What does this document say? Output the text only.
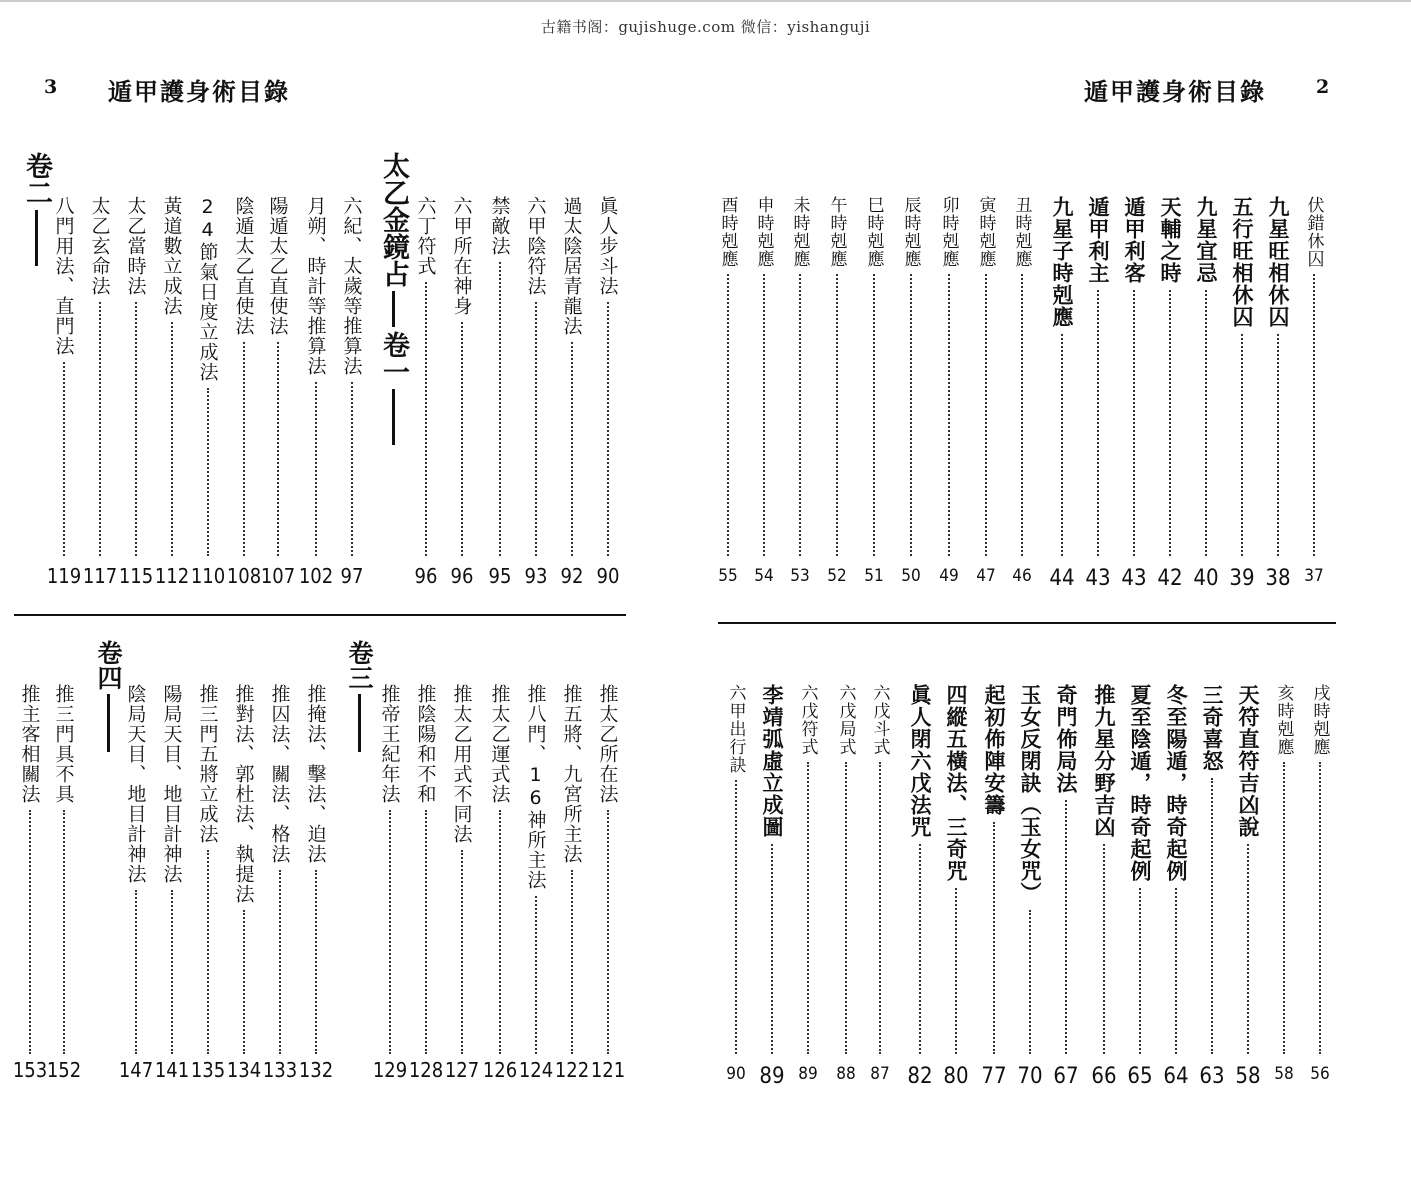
古籍书阁：gujishuge.com 微信：yishanguji
3 遁甲護身術目錄	遁甲護身術目錄	2
太乙金鏡占
卷一
卷二
卷三
卷四
伏錯休囚
37
九星旺相休囚
38
五行旺相休囚
39
九星宜忌
40
天輔之時
42
遁甲利客
43
遁甲利主
43
九星子時剋應
44
丑時剋應
46
寅時剋應
47
卯時剋應
49
辰時剋應
50
巳時剋應
51
午時剋應
52
未時剋應
53
申時剋應
54
酉時剋應
55
戌時剋應
56
亥時剋應
58
天符直符吉凶說
58
三奇喜怒
63
冬至陽遁，時奇起例
64
夏至陰遁，時奇起例
65
推九星分野吉凶
66
奇門佈局法
67
玉女反閉訣（玉女咒）
70
起初佈陣安籌
77
四縱五橫法、三奇咒
80
眞人閉六戊法咒
82
六戊斗式
87
六戊局式
88
六戊符式
89
李靖弧虛立成圖
89
六甲出行訣
90
眞人步斗法
90
過太陰居青龍法
92
六甲陰符法
93
禁敵法
95
六甲所在神身
96
六丁符式
96
六紀、太歲等推算法
97
月朔、時計等推算法
102
陽遁太乙直使法
107
陰遁太乙直使法
108
24節氣日度立成法
110
黃道數立成法
112
太乙當時法
115
太乙玄命法
117
八門用法、直門法
119
推太乙所在法
121
推五將、九宮所主法
122
推八門、16神所主法
124
推太乙運式法
126
推太乙用式不同法
127
推陰陽和不和
128
推帝王紀年法
129
推掩法、擊法、迫法
132
推囚法、關法、格法
133
推對法、郭杜法、執提法
134
推三門五將立成法
135
陽局天目、地目計神法
141
陰局天目、地目計神法
147
推三門具不具
152
推主客相關法
153
